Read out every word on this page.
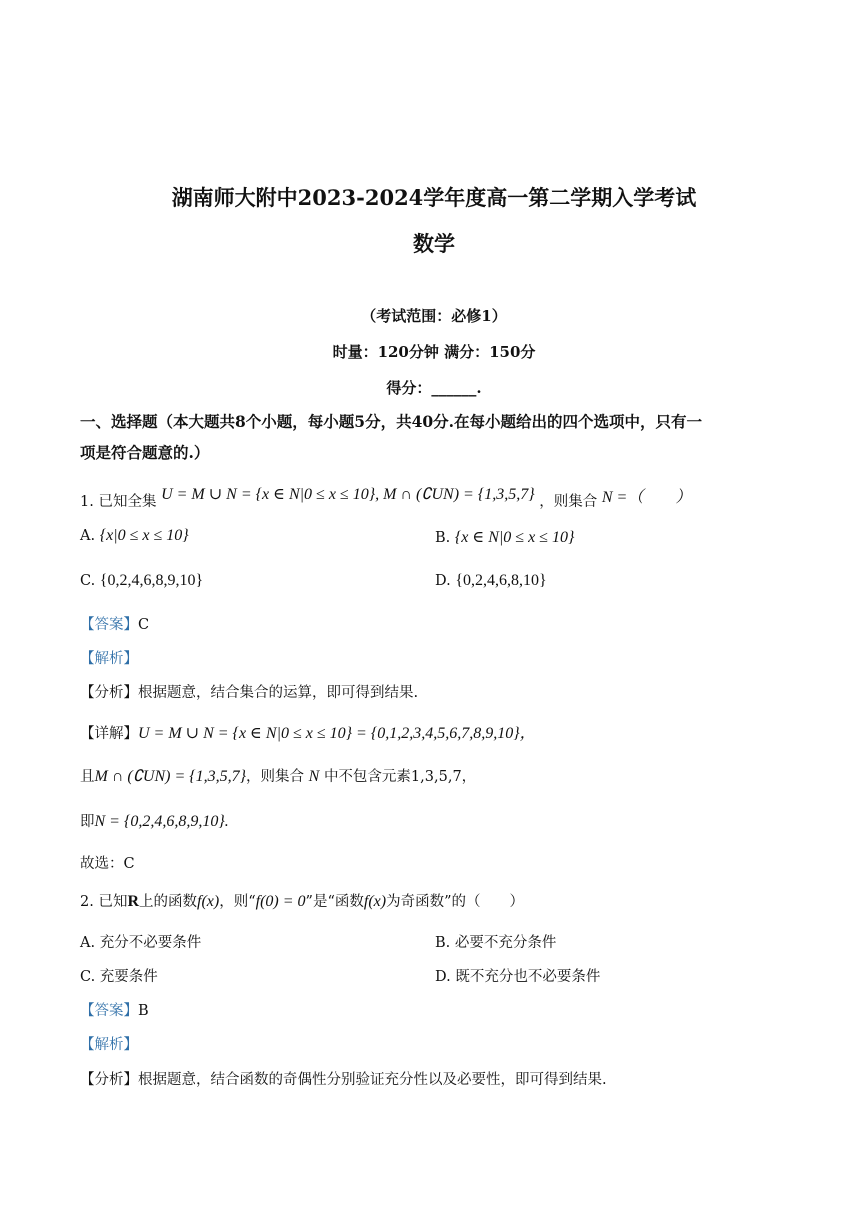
湖南师大附中2023-2024学年度高一第二学期入学考试
数学
（考试范围：必修1）
时量：120分钟 满分：150分
得分：______.
一、选择题（本大题共8个小题，每小题5分，共40分.在每小题给出的四个选项中，只有一
项是符合题意的.）
1. 已知全集 U = M ∪ N = {x ∈ N|0 ≤ x ≤ 10}, M ∩ (∁UN) = {1,3,5,7} ，则集合 N =（　　）
A. {x|0 ≤ x ≤ 10}	B. {x ∈ N|0 ≤ x ≤ 10}
C. {0,2,4,6,8,9,10}	D. {0,2,4,6,8,10}
【答案】C
【解析】
【分析】根据题意，结合集合的运算，即可得到结果.
【详解】U = M ∪ N = {x ∈ N|0 ≤ x ≤ 10} = {0,1,2,3,4,5,6,7,8,9,10}，
且M ∩ (∁UN) = {1,3,5,7}，则集合 N 中不包含元素1,3,5,7，
即N = {0,2,4,6,8,9,10}.
故选：C
2. 已知R上的函数f(x)，则“f(0) = 0”是“函数f(x)为奇函数”的（　　）
A. 充分不必要条件	B. 必要不充分条件
C. 充要条件	D. 既不充分也不必要条件
【答案】B
【解析】
【分析】根据题意，结合函数的奇偶性分别验证充分性以及必要性，即可得到结果.
